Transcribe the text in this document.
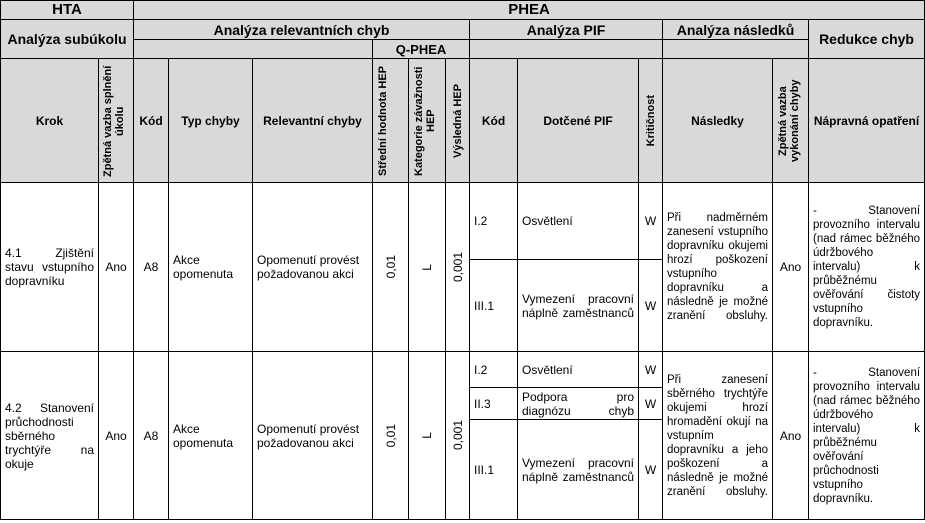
HTA		PHEA											
Analýza subúkolu		Analýza relevantních chyb						Analýza PIF			Analýza následků		Redukce chyb
					Q-PHEA								
Krok	Zpětná vazba splnění úkolu	Kód	Typ chyby	Relevantní chyby	Střední hodnota HEP	Kategorie závažnosti HEP	Výsledná HEP	Kód	Dotčené PIF	Kritičnost	Následky	Zpětná vazba vykonání chyby	Nápravná opatření
4.1 Zjištění stavu vstupního dopravníku	Ano	A8	Akce opomenuta	Opomenutí provést požadovanou akci	0,01	L	0,001	I.2	Osvětlení	W	Při nadměrném zanesení vstupního dopravníku okujemi hrozí poškození vstupního dopravníku a následně je možné zranění obsluhy.	Ano	- Stanovení provozního intervalu (nad rámec běžného údržbového intervalu) k průběžnému ověřování čistoty vstupního dopravníku.
								III.1	Vymezení pracovní náplně zaměstnanců	W			
4.2 Stanovení průchodnosti sběrného trychtýře na okuje	Ano	A8	Akce opomenuta	Opomenutí provést požadovanou akci	0,01	L	0,001	I.2	Osvětlení	W	Při zanesení sběrného trychtýře okujemi hrozí hromadění okují na vstupním dopravníku a jeho poškození a následně je možné zranění obsluhy.	Ano	- Stanovení provozního intervalu (nad rámec běžného údržbového intervalu) k průběžnému ověřování průchodnosti vstupního dopravníku.
								II.3	Podpora pro diagnózu chyb	W			
								III.1	Vymezení pracovní náplně zaměstnanců	W			
